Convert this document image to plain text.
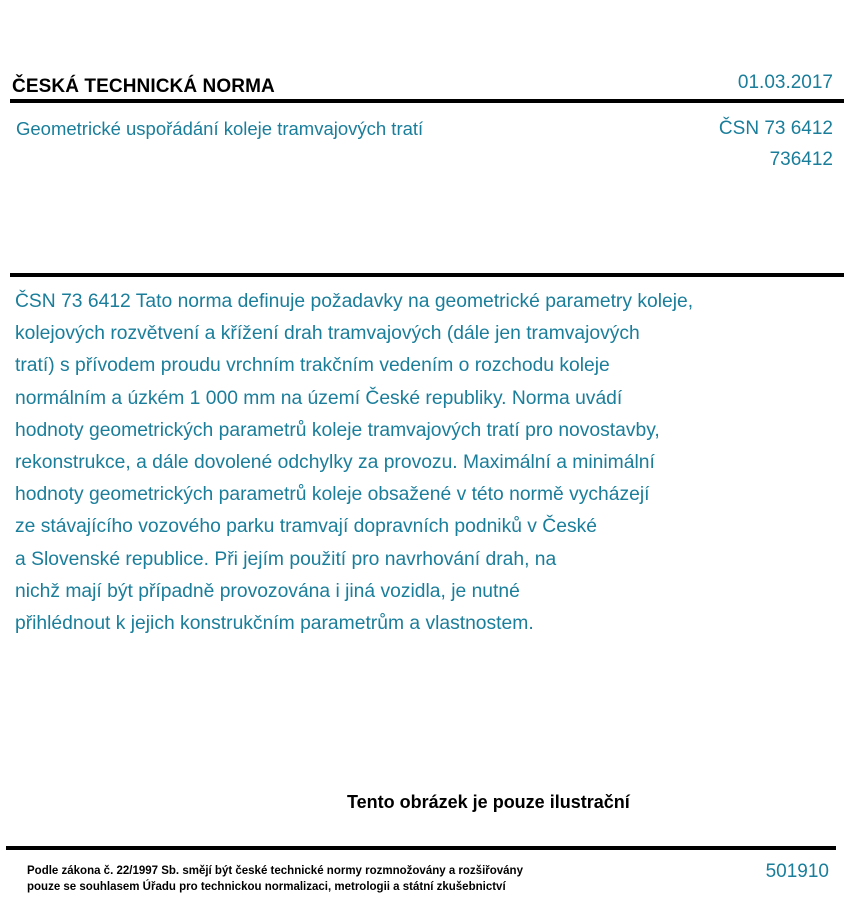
ČESKÁ TECHNICKÁ NORMA	01.03.2017
Geometrické uspořádání koleje tramvajových tratí	ČSN 73 6412
736412
ČSN 73 6412 Tato norma definuje požadavky na geometrické parametry koleje,
kolejových rozvětvení a křížení drah tramvajových (dále jen tramvajových
tratí) s přívodem proudu vrchním trakčním vedením o rozchodu koleje
normálním a úzkém 1 000 mm na území České republiky. Norma uvádí
hodnoty geometrických parametrů koleje tramvajových tratí pro novostavby,
rekonstrukce, a dále dovolené odchylky za provozu. Maximální a minimální
hodnoty geometrických parametrů koleje obsažené v této normě vycházejí
ze stávajícího vozového parku tramvají dopravních podniků v České
a Slovenské republice. Při jejím použití pro navrhování drah, na
nichž mají být případně provozována i jiná vozidla, je nutné
přihlédnout k jejich konstrukčním parametrům a vlastnostem.
Tento obrázek je pouze ilustrační
Podle zákona č. 22/1997 Sb. smějí být české technické normy rozmnožovány a rozšiřovány
pouze se souhlasem Úřadu pro technickou normalizaci, metrologii a státní zkušebnictví
501910
